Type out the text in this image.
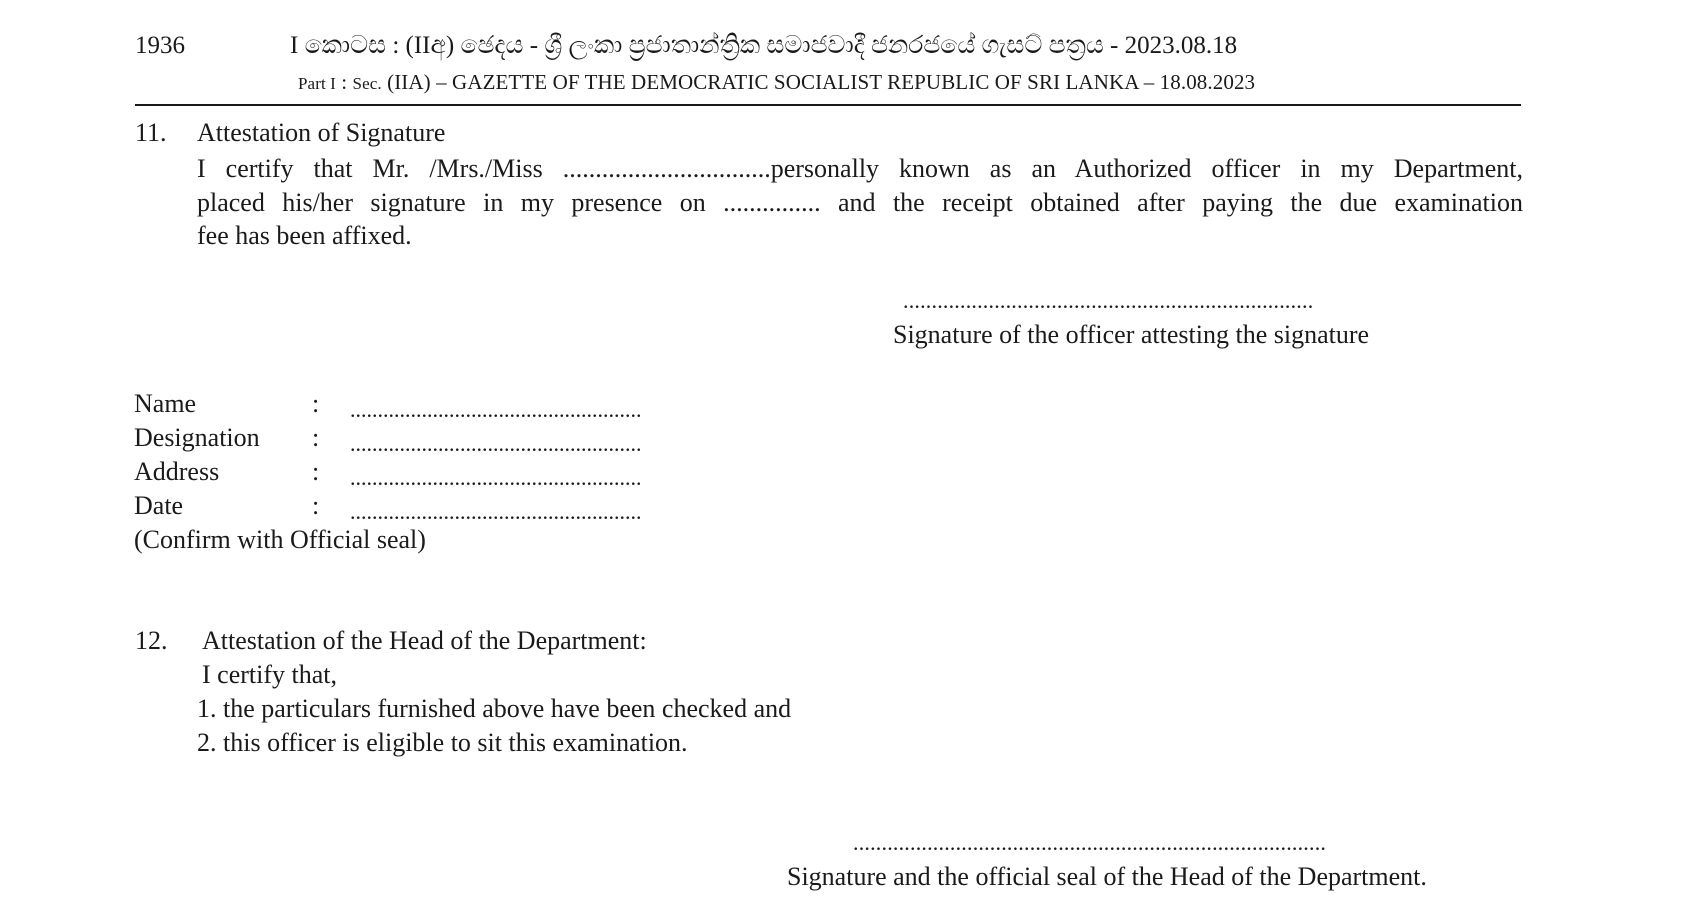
1936	I කොටස : (IIඅ) ඡෙදය - ශ්‍රී ලංකා ප්‍රජාතාන්ත්‍රික සමාජවාදී ජනරජයේ ගැසට් පත්‍රය - 2023.08.18
Part I : Sec. (IIA) – GAZETTE OF THE DEMOCRATIC SOCIALIST REPUBLIC OF SRI LANKA – 18.08.2023
11. Attestation of Signature
I certify that Mr. /Mrs./Miss ................................personally known as an Authorized officer in my Department,
placed his/her signature in my presence on ............... and the receipt obtained after paying the due examination
fee has been affixed.
........................................................................
Signature of the officer attesting the signature
Name	: .....................................................
Designation : .....................................................
Address	: .....................................................
Date	: .....................................................
(Confirm with Official seal)
12. Attestation of the Head of the Department:
I certify that,
1. the particulars furnished above have been checked and
2. this officer is eligible to sit this examination.
...................................................................................
Signature and the official seal of the Head of the Department.
